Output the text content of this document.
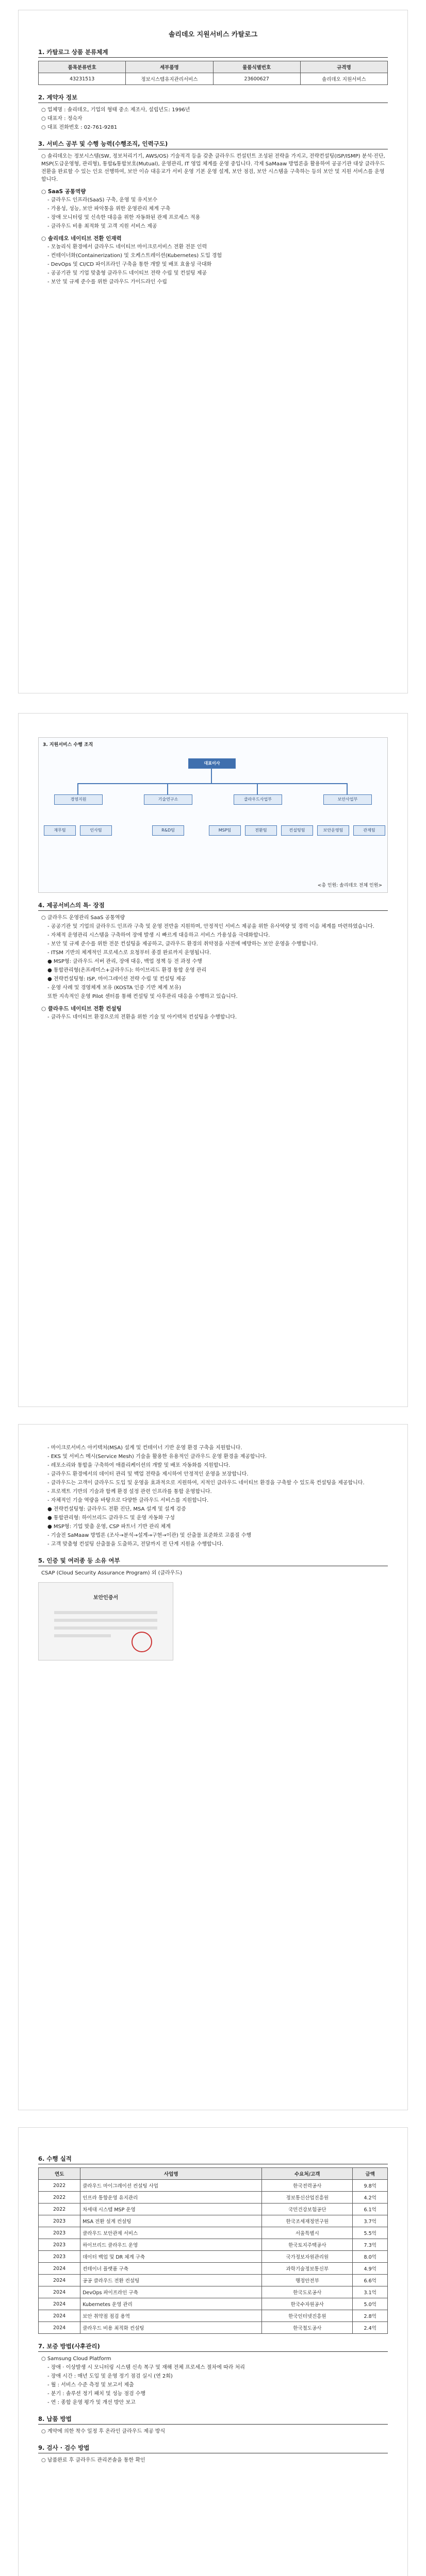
솔리데오 지원서비스 카탈로그
1. 카탈로그 상품 분류체계
품목분류번호	세부품명	물품식별번호	규격명
43231513	정보시스템유지관리서비스	23600627	솔리데오 지원서비스
2. 계약자 정보
○ 업체명 : 솔리데오, 기업의 형태 중소 제조사, 설립년도: 1996년
○ 대표자 : 정숙자
○ 대표 전화번호 : 02-761-9281
3. 서비스 공부 및 수행 능력(수행조직, 인력구도)
○ 솔리데오는 정보시스템(SW, 정보처리기기, AWS/OS) 기술적격 등을 갖춘 클라우드 컨설턴트 조성된 전략을 가지고, 전략컨설팅(ISP/ISMP) 분석·진단, MSP(도급운영형, 관리형), 통합&통합보호(Mutual), 운영관리, IT 영업 체계를 운영 중입니다. 각제 SaMaaw 방법론을 활용하여 공공기관 대상 클라우드 전환을 완료할 수 있는 인요 선행하여, 보안 이슈 대응교가 서비 운영 기본 운영 설계, 보안 점검, 보안 시스템을 구축하는 등의 보안 및 지원 서비스를 운영합니다.
○ SaaS 공통역량
- 클라우드 인프라(SaaS) 구축, 운영 및 유지보수
- 가용성, 성능, 보안 파악통을 위한 운영관리 체계 구축
- 장애 모니터링 및 신속한 대응을 위한 자동화된 관제 프로세스 적용
- 클라우드 비용 최적화 및 고객 지원 서비스 제공
○ 솔리데오 네이티브 전환 인재력
- 모놀리식 환경에서 클라우드 네이티브 마이크로서비스 전환 전문 인력
- 컨테이너화(Containerization) 및 오케스트레이션(Kubernetes) 도입 경험
- DevOps 및 CI/CD 파이프라인 구축을 통한 개발 및 배포 효율성 극대화
- 공공기관 및 기업 맞춤형 클라우드 네이티브 전략 수립 및 컨설팅 제공
- 보안 및 규제 준수를 위한 클라우드 가이드라인 수립
3. 지원서비스 수행 조직
대표이사
경영지원	기술연구소	클라우드사업부	보안사업부
재무팀	인사팀	R&D팀	MSP팀	전환팀	컨설팅팀	보안운영팀	관제팀
<총 인원: 솔리데오 전체 인원>
4. 제공서비스의 특· 장점
○ 클라우드 운영관리 SaaS 공통역량
- 공공기관 및 기업의 클라우드 인프라 구축 및 운영 전반을 지원하며, 안정적인 서비스 제공을 위한 유사역량 및 경력 이음 체계를 마련하였습니다.
- 자체적 운영관리 시스템을 구축하여 장애 발생 시 빠르게 대응하고 서비스 가용성을 극대화합니다.
- 보안 및 규제 준수를 위한 전문 컨설팅을 제공하고, 클라우드 환경의 취약점을 사전에 예방하는 보안 운영을 수행합니다.
- ITSM 기반의 체계적인 프로세스로 요청부터 종결 완료까지 운영됩니다.
● MSP형: 클라우드 서버 관리, 장애 대응, 백업 정책 등 전 과정 수행
● 통합관리형(온프레미스+클라우드): 하이브리드 환경 통합 운영 관리
● 전략컨설팅형: ISP, 마이그레이션 전략 수립 및 컨설팅 제공
- 운영 사례 및 경영체계 보유 (KOSTA 인증 기반 체계 보유)
또한 지속적인 운영 Pilot 센터를 통해 컨설팅 및 사후관리 대응을 수행하고 있습니다.
○ 클라우드 네이티브 전환 컨설팅
- 클라우드 네이티브 환경으로의 전환을 위한 기술 및 아키텍처 컨설팅을 수행합니다.
- 마이크로서비스 아키텍처(MSA) 설계 및 컨테이너 기반 운영 환경 구축을 지원합니다.
- EKS 및 서비스 메시(Service Mesh) 기술을 활용한 유용적인 클라우드 운영 환경을 제공합니다.
- 레포소리와 통합을 구축하여 애플리케이션의 개발 및 배포 자동화를 지원합니다.
- 클라우드 환경에서의 데이터 관리 및 백업 전략을 제시하여 안정적인 운영을 보장합니다.
- 클라우드는 고객이 클라우드 도입 및 운영을 효과적으로 지원하여, 지적인 클라우드 네이티브 환경을 구축할 수 있도록 컨설팅을 제공합니다.
- 프로젝트 기반의 기술과 함께 환경 설정 관련 인프라를 통합 운영합니다.
- 자체적인 기술 역량을 바탕으로 다양한 클라우드 서비스를 지원합니다.
● 전략컨설팅형: 클라우드 전환 진단, MSA 설계 및 설계 검증
● 통합관리형: 하이브리드 클라우드 및 운영 자동화 구성
● MSP형: 기업 맞춤 운영, CSP 파트너 기반 관리 체계
- 기술전 SaMaaw 방법론 (조사→분석→설계→구현→이관) 및 산출물 표준화로 고품질 수행
- 고객 맞춤형 컨설팅 산출물을 도출하고, 전달까지 전 단계 지원을 수행합니다.
5. 인증 및 여러종 등 소유 여부
CSAP (Cloud Security Assurance Program) 외 (클라우드)
보안인증서
6. 수행 실적
연도	사업명	수요처/고객	금액
2022	클라우드 마이그레이션 컨설팅 사업	한국전력공사	9.8억
2022	인프라 통합운영 유지관리	정보통신산업진흥원	4.2억
2022	차세대 시스템 MSP 운영	국민건강보험공단	6.1억
2023	MSA 전환 설계 컨설팅	한국조세재정연구원	3.7억
2023	클라우드 보안관제 서비스	서울특별시	5.5억
2023	하이브리드 클라우드 운영	한국토지주택공사	7.3억
2023	데이터 백업 및 DR 체계 구축	국가정보자원관리원	8.0억
2024	컨테이너 플랫폼 구축	과학기술정보통신부	4.9억
2024	공공 클라우드 전환 컨설팅	행정안전부	6.6억
2024	DevOps 파이프라인 구축	한국도로공사	3.1억
2024	Kubernetes 운영 관리	한국수자원공사	5.0억
2024	보안 취약점 점검 용역	한국인터넷진흥원	2.8억
2024	클라우드 비용 최적화 컨설팅	한국철도공사	2.4억
7. 보증 방법(사후관리)
○ Samsung Cloud Platform
- 장애 · 이상발생 시 모니터링 시스템 신속 복구 및 재해 전체 프로세스 절차에 따라 처리
- 장애 시간 : 매년 도입 및 운영 정기 점검 실시 (연 2회)
- 월 : 서비스 수준 측정 및 보고서 제출
- 분기 : 솔루션 정기 패치 및 성능 점검 수행
- 연 : 종합 운영 평가 및 개선 방안 보고
8. 납품 방법
○ 계약에 의한 착수 일정 후 온라인 클라우드 제공 방식
9. 검사 · 검수 방법
○ 납품완료 후 클라우드 관리콘솔을 통한 확인
